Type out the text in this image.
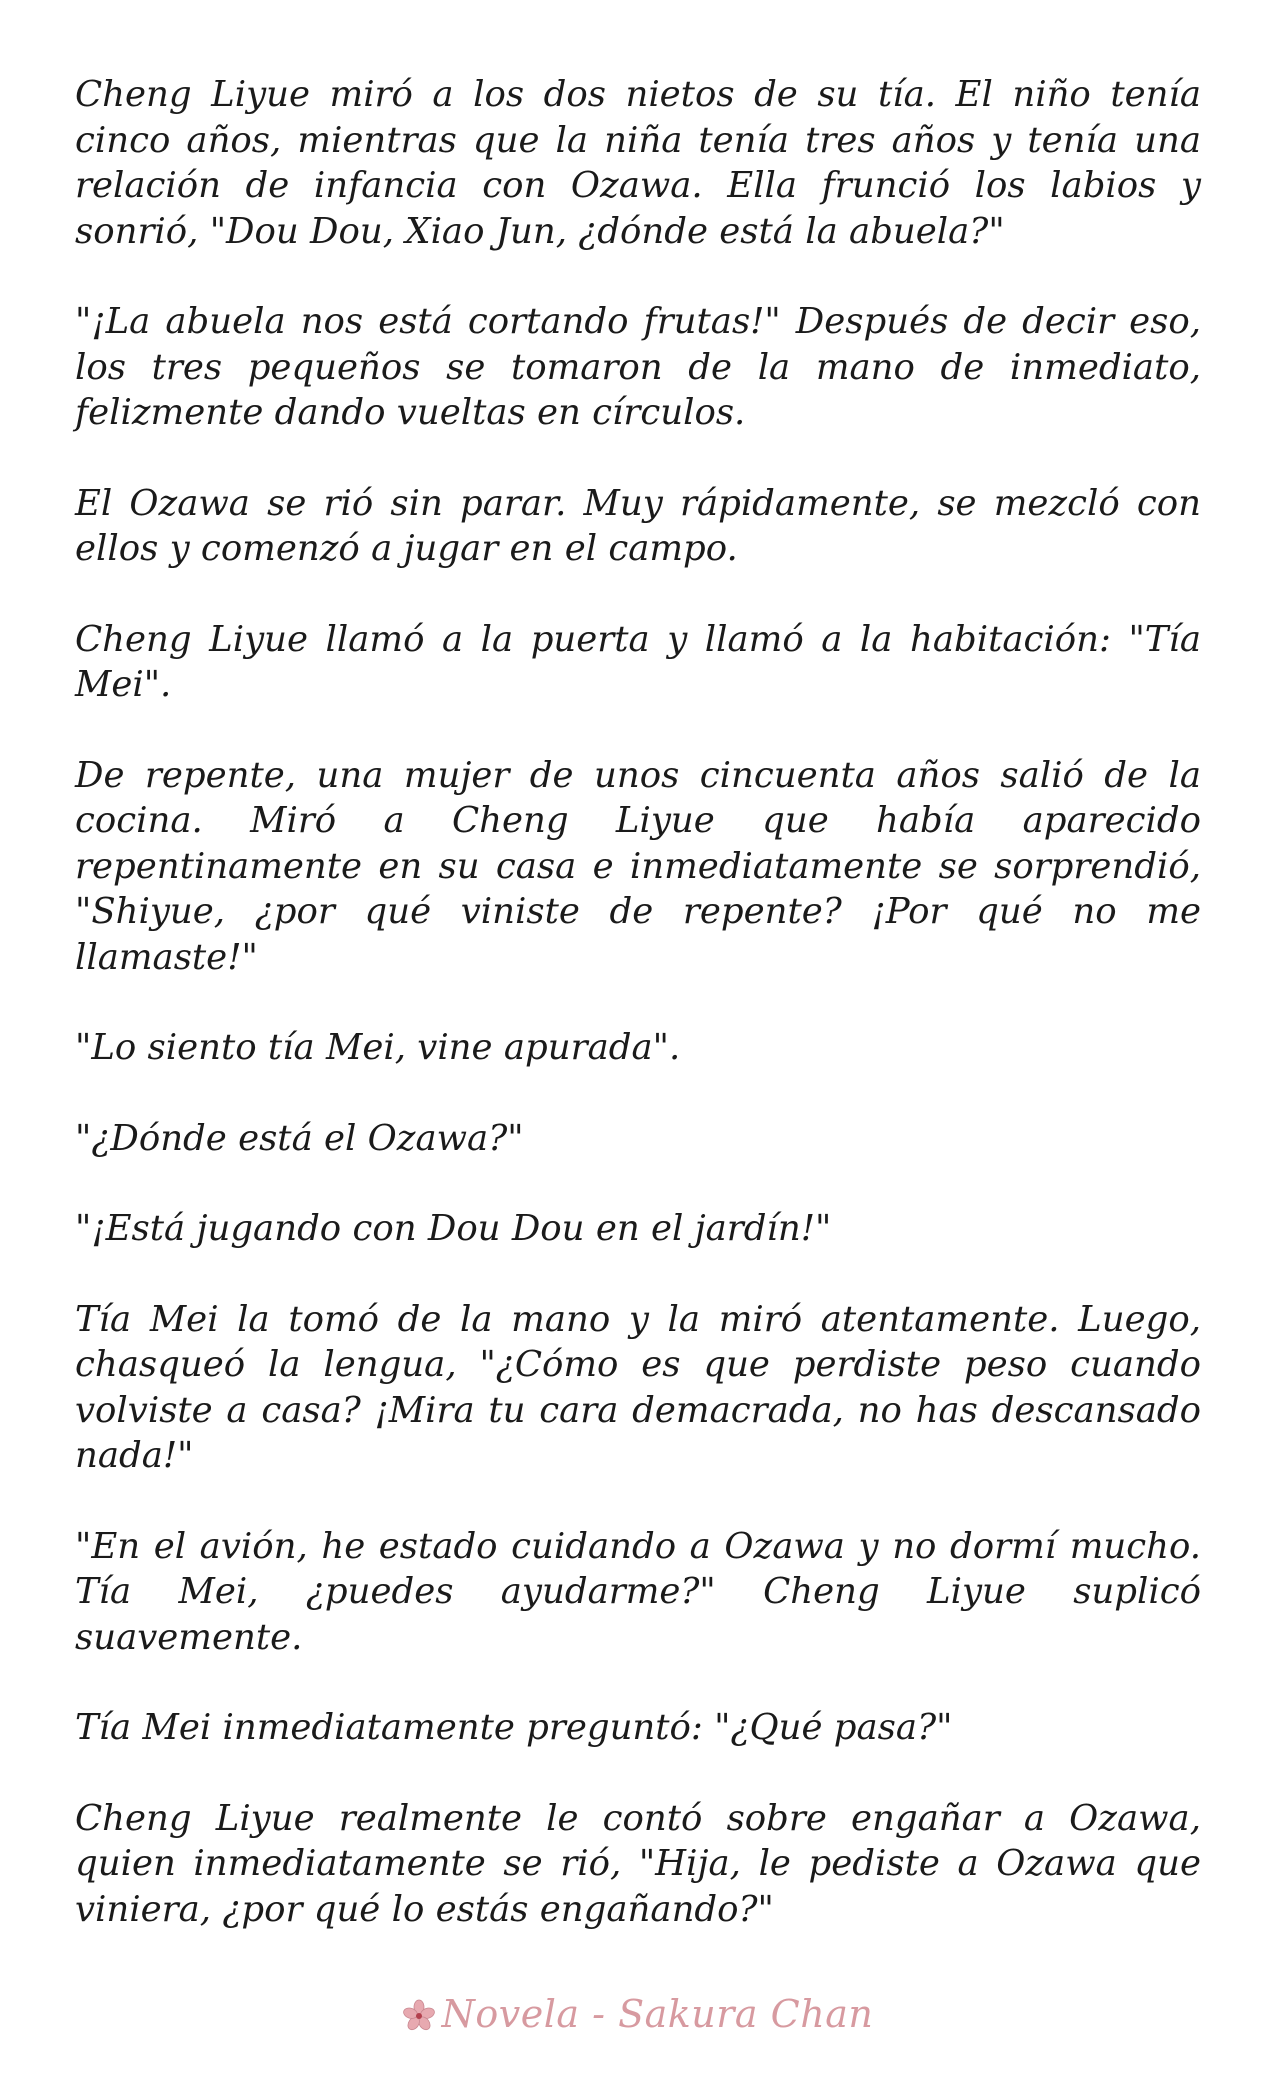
Cheng Liyue miró a los dos nietos de su tía. El niño tenía cinco años, mientras que la niña tenía tres años y tenía una relación de infancia con Ozawa. Ella frunció los labios y sonrió, "Dou Dou, Xiao Jun, ¿dónde está la abuela?"

"¡La abuela nos está cortando frutas!" Después de decir eso, los tres pequeños se tomaron de la mano de inmediato, felizmente dando vueltas en círculos.

El Ozawa se rió sin parar. Muy rápidamente, se mezcló con ellos y comenzó a jugar en el campo.

Cheng Liyue llamó a la puerta y llamó a la habitación: "Tía Mei".

De repente, una mujer de unos cincuenta años salió de la cocina. Miró a Cheng Liyue que había aparecido repentinamente en su casa e inmediatamente se sorprendió, "Shiyue, ¿por qué viniste de repente? ¡Por qué no me llamaste!"

"Lo siento tía Mei, vine apurada".

"¿Dónde está el Ozawa?"

"¡Está jugando con Dou Dou en el jardín!"

Tía Mei la tomó de la mano y la miró atentamente. Luego, chasqueó la lengua, "¿Cómo es que perdiste peso cuando volviste a casa? ¡Mira tu cara demacrada, no has descansado nada!"

"En el avión, he estado cuidando a Ozawa y no dormí mucho. Tía Mei, ¿puedes ayudarme?" Cheng Liyue suplicó suavemente.

Tía Mei inmediatamente preguntó: "¿Qué pasa?"

Cheng Liyue realmente le contó sobre engañar a Ozawa, quien inmediatamente se rió, "Hija, le pediste a Ozawa que viniera, ¿por qué lo estás engañando?"

Novela - Sakura Chan
